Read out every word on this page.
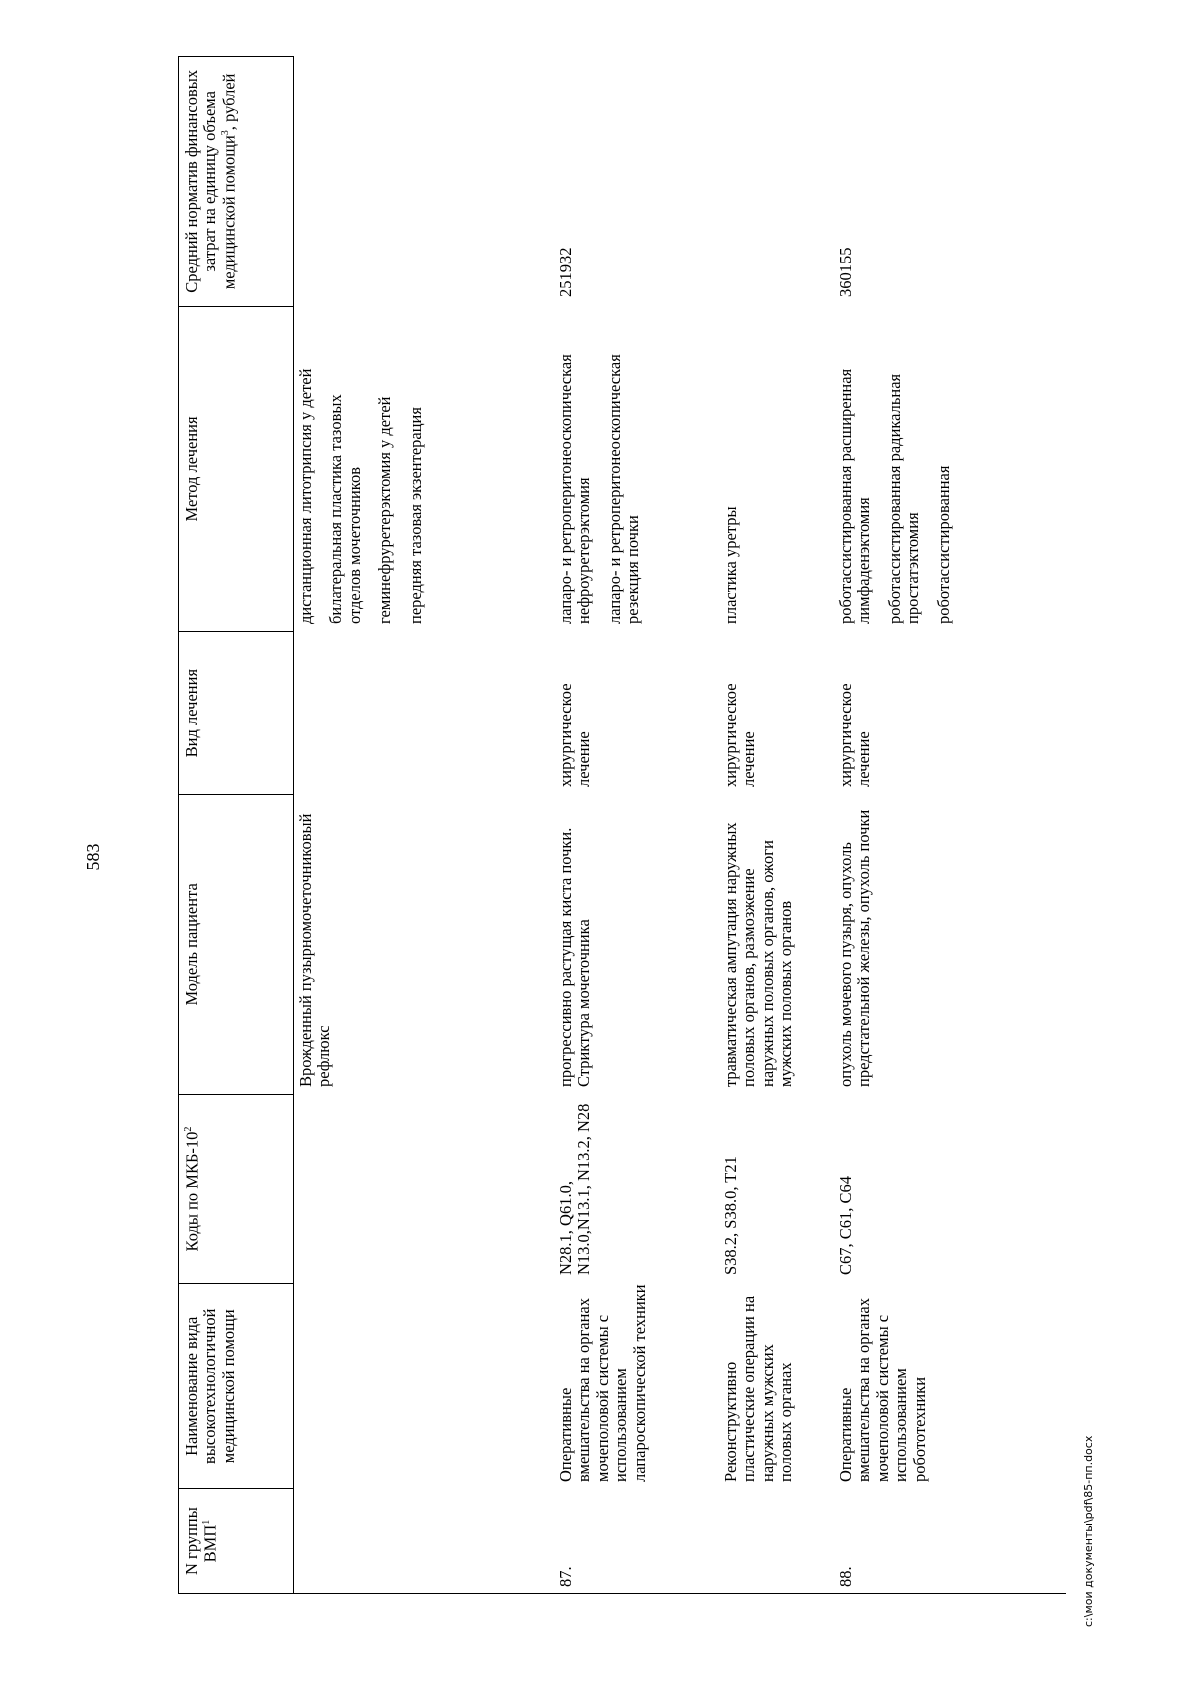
583
N группы ВМП$^1$
Наименование вида высокотехнологичной медицинской помощи
Коды по МКБ-$10^2$
Модель пациента
Вид лечения
Метод лечения
Средний норматив финансовых затрат на единицу объема медицинской помощи$^3$, рублей
Врожденный пузырномочеточниковый рефлюкс

дистанционная литотрипсия у детей билатеральная пластика тазовых отделов мочеточников геминефруретерэктомия у детей передняя тазовая экзентерация

87.
Оперативные вмешательства на органах мочеполовой системы с использованием лапароскопической техники
N28.1, Q61.0, N13.0,N13.1, N13.2, N28
прогрессивно растущая киста почки. Стриктура мочеточника
хирургическое лечение

лапаро- и ретроперитонеоскопическая нефроуретерэктомия лапаро- и ретроперитонеоскопическая резекция почки

251932
Реконструктивно пластические операции на наружных мужских половых органах
S38.2, S38.0, T21
травматическая ампутация наружных половых органов, размозжение наружных половых органов, ожоги мужских половых органов
хирургическое лечение

пластика уретры

88.
Оперативные вмешательства на органах мочеполовой системы с использованием робототехники
C67, C61, C64
опухоль мочевого пузыря, опухоль предстательной железы, опухоль почки
хирургическое лечение

роботассистированная расширенная лимфаденэктомия роботассистированная радикальная простатэктомия роботассистированная

360155
c:\мои документы\pdf\85-пп.docx
